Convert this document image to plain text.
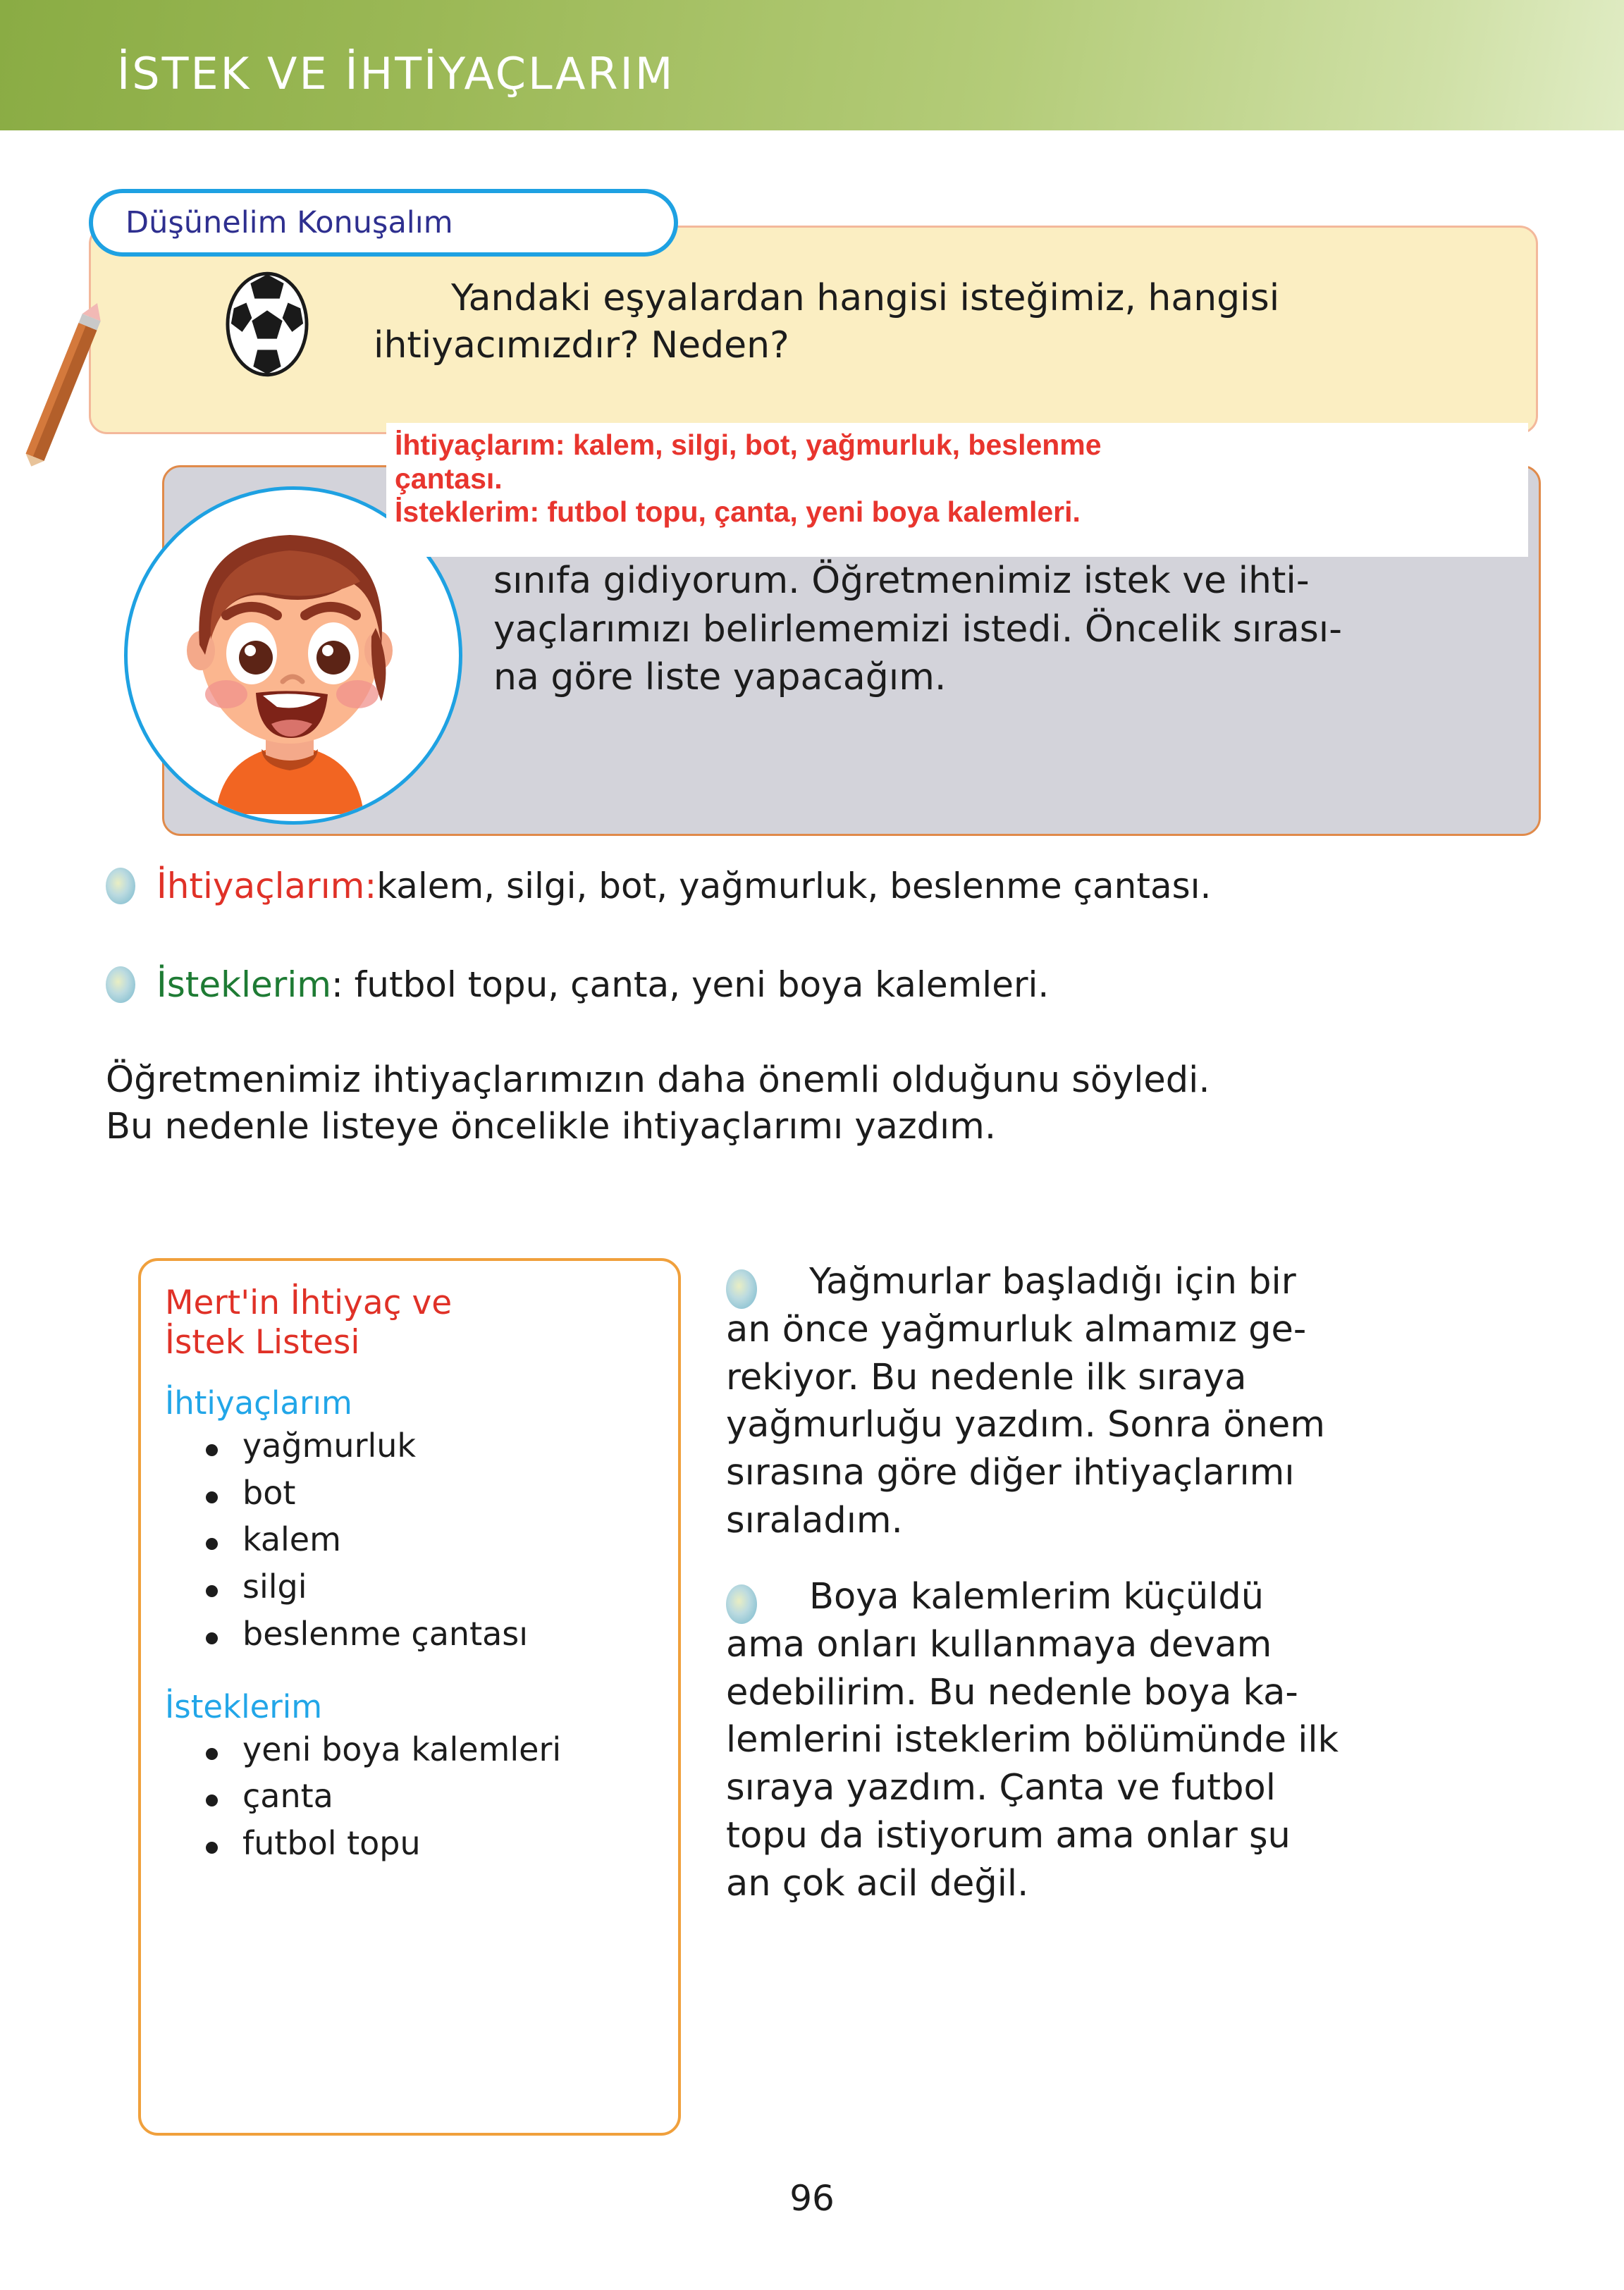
İSTEK VE İHTİYAÇLARIM
Yandaki eşyalardan hangisi isteğimiz, hangisi ihtiyacımızdır? Neden?
sınıfa gidiyorum. Öğretmenimiz istek ve ihti-
yaçlarımızı belirlememizi istedi. Öncelik sırası-
na göre liste yapacağım.

İhtiyaçlarım: kalem, silgi, bot, yağmurluk, beslenme

çantası.

İsteklerim: futbol topu, çanta, yeni boya kalemleri.

Düşünelim Konuşalım
İhtiyaçlarım: kalem, silgi, bot, yağmurluk, beslenme çantası.
İsteklerim : futbol topu, çanta, yeni boya kalemleri.
Öğretmenimiz ihtiyaçlarımızın daha önemli olduğunu söyledi.
Bu nedenle listeye öncelikle ihtiyaçlarımı yazdım.
Mert'in İhtiyaç ve
İstek Listesi
İhtiyaçlarım
yağmurluk
bot
kalem
silgi
beslenme çantası
İsteklerim
yeni boya kalemleri
çanta
futbol topu
Yağmurlar başladığı için bir
an önce yağmurluk almamız ge-
rekiyor. Bu nedenle ilk sıraya
yağmurluğu yazdım. Sonra önem
sırasına göre diğer ihtiyaçlarımı
sıraladım.
Boya kalemlerim küçüldü
ama onları kullanmaya devam
edebilirim. Bu nedenle boya ka-
lemlerini isteklerim bölümünde ilk
sıraya yazdım. Çanta ve futbol
topu da istiyorum ama onlar şu
an çok acil değil.
96
